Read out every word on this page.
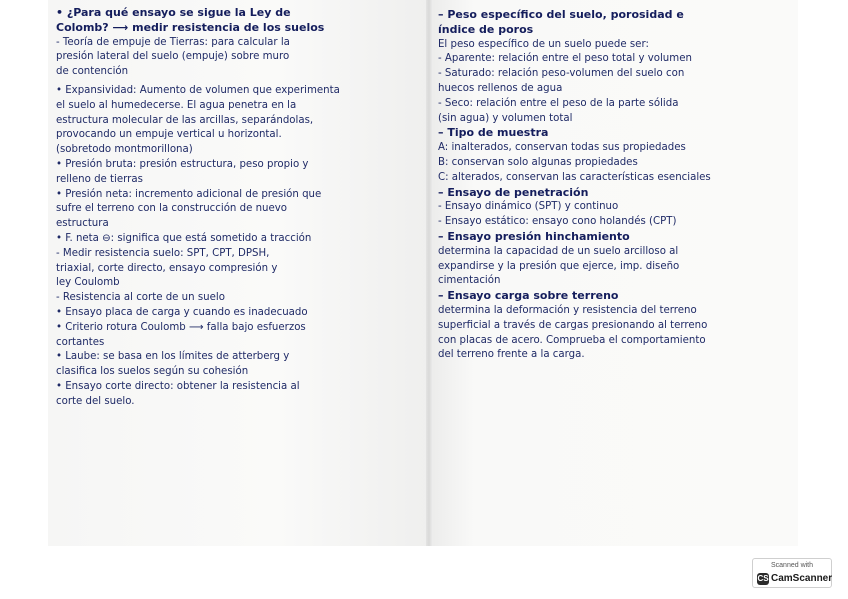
• ¿Para qué ensayo se sigue la Ley de
Colomb? ⟶ medir resistencia de los suelos
- Teoría de empuje de Tierras: para calcular la
presión lateral del suelo (empuje) sobre muro
de contención
• Expansividad: Aumento de volumen que experimenta
el suelo al humedecerse. El agua penetra en la
estructura molecular de las arcillas, separándolas,
provocando un empuje vertical u horizontal.
(sobretodo montmorillona)
• Presión bruta: presión estructura, peso propio y
relleno de tierras
• Presión neta: incremento adicional de presión que
sufre el terreno con la construcción de nuevo
estructura
• F. neta ⊖: significa que está sometido a tracción
- Medir resistencia suelo: SPT, CPT, DPSH,
triaxial, corte directo, ensayo compresión y
ley Coulomb
- Resistencia al corte de un suelo
• Ensayo placa de carga y cuando es inadecuado
• Criterio rotura Coulomb ⟶ falla bajo esfuerzos
cortantes
• Laube: se basa en los límites de atterberg y
clasifica los suelos según su cohesión
• Ensayo corte directo: obtener la resistencia al
corte del suelo.
– Peso específico del suelo, porosidad e
índice de poros
El peso específico de un suelo puede ser:
- Aparente: relación entre el peso total y volumen
- Saturado: relación peso-volumen del suelo con
huecos rellenos de agua
- Seco: relación entre el peso de la parte sólida
(sin agua) y volumen total
– Tipo de muestra
A: inalterados, conservan todas sus propiedades
B: conservan solo algunas propiedades
C: alterados, conservan las características esenciales
– Ensayo de penetración
- Ensayo dinámico (SPT) y continuo
- Ensayo estático: ensayo cono holandés (CPT)
– Ensayo presión hinchamiento
determina la capacidad de un suelo arcilloso al
expandirse y la presión que ejerce, imp. diseño
cimentación
– Ensayo carga sobre terreno
determina la deformación y resistencia del terreno
superficial a través de cargas presionando al terreno
con placas de acero. Comprueba el comportamiento
del terreno frente a la carga.
Scanned with
CS CamScanner
